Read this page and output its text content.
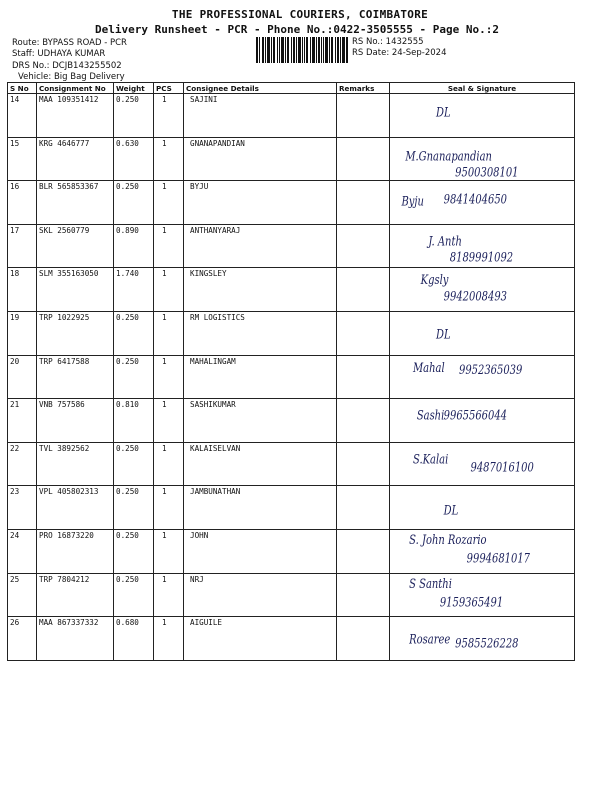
THE PROFESSIONAL COURIERS, COIMBATORE
Delivery Runsheet - PCR - Phone No.:0422-3505555 - Page No.:2
Route: BYPASS ROAD - PCR
Staff: UDHAYA KUMAR
DRS No.: DCJB143255502
Vehicle: Big Bag Delivery
RS No.: 1432555
RS Date: 24-Sep-2024
S No	Consignment No	Weight	PCS	Consignee Details	Remarks	Seal & Signature
14	MAA 109351412	0.250	1	SAJINI		DL

15	KRG 4646777	0.630	1	GNANAPANDIAN		M.Gnanapandian
9500308101

16	BLR 565853367	0.250	1	BYJU		Byju 9841404650

17	SKL 2560779	0.890	1	ANTHANYARAJ		J. Anth
8189991092

18	SLM 355163050	1.740	1	KINGSLEY		Kgsly
9942008493

19	TRP 1022925	0.250	1	RM LOGISTICS		DL

20	TRP 6417588	0.250	1	MAHALINGAM		Mahal 9952365039

21	VNB 757586	0.810	1	SASHIKUMAR		Sashi 9965566044

22	TVL 3892562	0.250	1	KALAISELVAN		S.Kalai
9487016100

23	VPL 405802313	0.250	1	JAMBUNATHAN		DL

24	PRO 16873220	0.250	1	JOHN		S. John Rozario
9994681017

25	TRP 7804212	0.250	1	NRJ		S Santhi
9159365491

26	MAA 867337332	0.680	1	AIGUILE		Rosaree 9585526228
